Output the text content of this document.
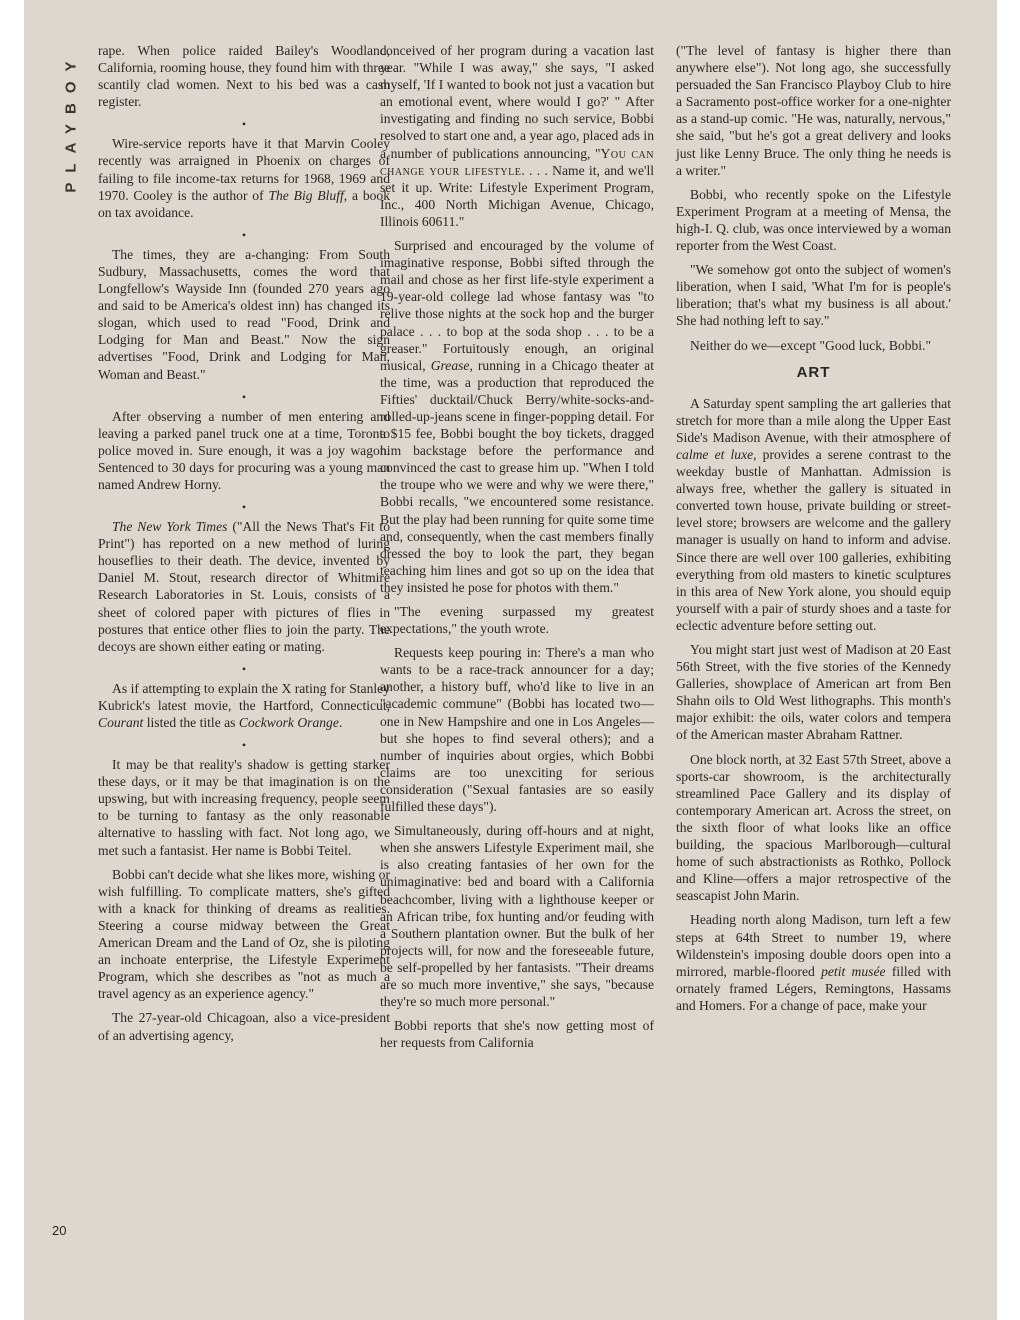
PLAYBOY
20

rape. When police raided Bailey's Woodland, California, rooming house, they found him with three scantily clad women. Next to his bed was a cash register.

•

Wire-service reports have it that Marvin Cooley recently was arraigned in Phoenix on charges of failing to file income-tax returns for 1968, 1969 and 1970. Cooley is the author of The Big Bluff, a book on tax avoidance.

•

The times, they are a-changing: From South Sudbury, Massachusetts, comes the word that Longfellow's Wayside Inn (founded 270 years ago and said to be America's oldest inn) has changed its slogan, which used to read "Food, Drink and Lodging for Man and Beast." Now the sign advertises "Food, Drink and Lodging for Man, Woman and Beast."

•

After observing a number of men entering and leaving a parked panel truck one at a time, Toronto police moved in. Sure enough, it was a joy wagon. Sentenced to 30 days for procuring was a young man named Andrew Horny.

•

The New York Times ("All the News That's Fit to Print") has reported on a new method of luring houseflies to their death. The device, invented by Daniel M. Stout, research director of Whitmire Research Laboratories in St. Louis, consists of a sheet of colored paper with pictures of flies in postures that entice other flies to join the party. The decoys are shown either eating or mating.

•

As if attempting to explain the X rating for Stanley Kubrick's latest movie, the Hartford, Connecticut, Courant listed the title as Cockwork Orange.

•

It may be that reality's shadow is getting starker these days, or it may be that imagination is on the upswing, but with increasing frequency, people seem to be turning to fantasy as the only reasonable alternative to hassling with fact. Not long ago, we met such a fantasist. Her name is Bobbi Teitel.

Bobbi can't decide what she likes more, wishing or wish fulfilling. To complicate matters, she's gifted with a knack for thinking of dreams as realities. Steering a course midway between the Great American Dream and the Land of Oz, she is piloting an inchoate enterprise, the Lifestyle Experiment Program, which she describes as "not as much a travel agency as an experience agency."

The 27-year-old Chicagoan, also a vice-president of an advertising agency,

conceived of her program during a vacation last year. "While I was away," she says, "I asked myself, 'If I wanted to book not just a vacation but an emotional event, where would I go?' " After investigating and finding no such service, Bobbi resolved to start one and, a year ago, placed ads in a number of publications announcing, "You can change your lifestyle. . . . Name it, and we'll set it up. Write: Lifestyle Experiment Program, Inc., 400 North Michigan Avenue, Chicago, Illinois 60611."

Surprised and encouraged by the volume of imaginative response, Bobbi sifted through the mail and chose as her first life-style experiment a 19-year-old college lad whose fantasy was "to relive those nights at the sock hop and the burger palace . . . to bop at the soda shop . . . to be a greaser." Fortuitously enough, an original musical, Grease, running in a Chicago theater at the time, was a production that reproduced the Fifties' ducktail/Chuck Berry/white-socks-and-rolled-up-jeans scene in finger-popping detail. For a $15 fee, Bobbi bought the boy tickets, dragged him backstage before the performance and convinced the cast to grease him up. "When I told the troupe who we were and why we were there," Bobbi recalls, "we encountered some resistance. But the play had been running for quite some time and, consequently, when the cast members finally dressed the boy to look the part, they began teaching him lines and got so up on the idea that they insisted he pose for photos with them."

"The evening surpassed my greatest expectations," the youth wrote.

Requests keep pouring in: There's a man who wants to be a race-track announcer for a day; another, a history buff, who'd like to live in an "academic commune" (Bobbi has located two—one in New Hampshire and one in Los Angeles—but she hopes to find several others); and a number of inquiries about orgies, which Bobbi claims are too unexciting for serious consideration ("Sexual fantasies are so easily fulfilled these days").

Simultaneously, during off-hours and at night, when she answers Lifestyle Experiment mail, she is also creating fantasies of her own for the unimaginative: bed and board with a California beachcomber, living with a lighthouse keeper or an African tribe, fox hunting and/or feuding with a Southern plantation owner. But the bulk of her projects will, for now and the foreseeable future, be self-propelled by her fantasists. "Their dreams are so much more inventive," she says, "because they're so much more personal."

Bobbi reports that she's now getting most of her requests from California

("The level of fantasy is higher there than anywhere else"). Not long ago, she successfully persuaded the San Francisco Playboy Club to hire a Sacramento post-office worker for a one-nighter as a stand-up comic. "He was, naturally, nervous," she said, "but he's got a great delivery and looks just like Lenny Bruce. The only thing he needs is a writer."

Bobbi, who recently spoke on the Lifestyle Experiment Program at a meeting of Mensa, the high-I. Q. club, was once interviewed by a woman reporter from the West Coast.

"We somehow got onto the subject of women's liberation, when I said, 'What I'm for is people's liberation; that's what my business is all about.' She had nothing left to say."

Neither do we—except "Good luck, Bobbi."

ART

A Saturday spent sampling the art galleries that stretch for more than a mile along the Upper East Side's Madison Avenue, with their atmosphere of calme et luxe, provides a serene contrast to the weekday bustle of Manhattan. Admission is always free, whether the gallery is situated in converted town house, private building or street-level store; browsers are welcome and the gallery manager is usually on hand to inform and advise. Since there are well over 100 galleries, exhibiting everything from old masters to kinetic sculptures in this area of New York alone, you should equip yourself with a pair of sturdy shoes and a taste for eclectic adventure before setting out.

You might start just west of Madison at 20 East 56th Street, with the five stories of the Kennedy Galleries, showplace of American art from Ben Shahn oils to Old West lithographs. This month's major exhibit: the oils, water colors and tempera of the American master Abraham Rattner.

One block north, at 32 East 57th Street, above a sports-car showroom, is the architecturally streamlined Pace Gallery and its display of contemporary American art. Across the street, on the sixth floor of what looks like an office building, the spacious Marlborough—cultural home of such abstractionists as Rothko, Pollock and Kline—offers a major retrospective of the seascapist John Marin.

Heading north along Madison, turn left a few steps at 64th Street to number 19, where Wildenstein's imposing double doors open into a mirrored, marble-floored petit musée filled with ornately framed Légers, Remingtons, Hassams and Homers. For a change of pace, make your
